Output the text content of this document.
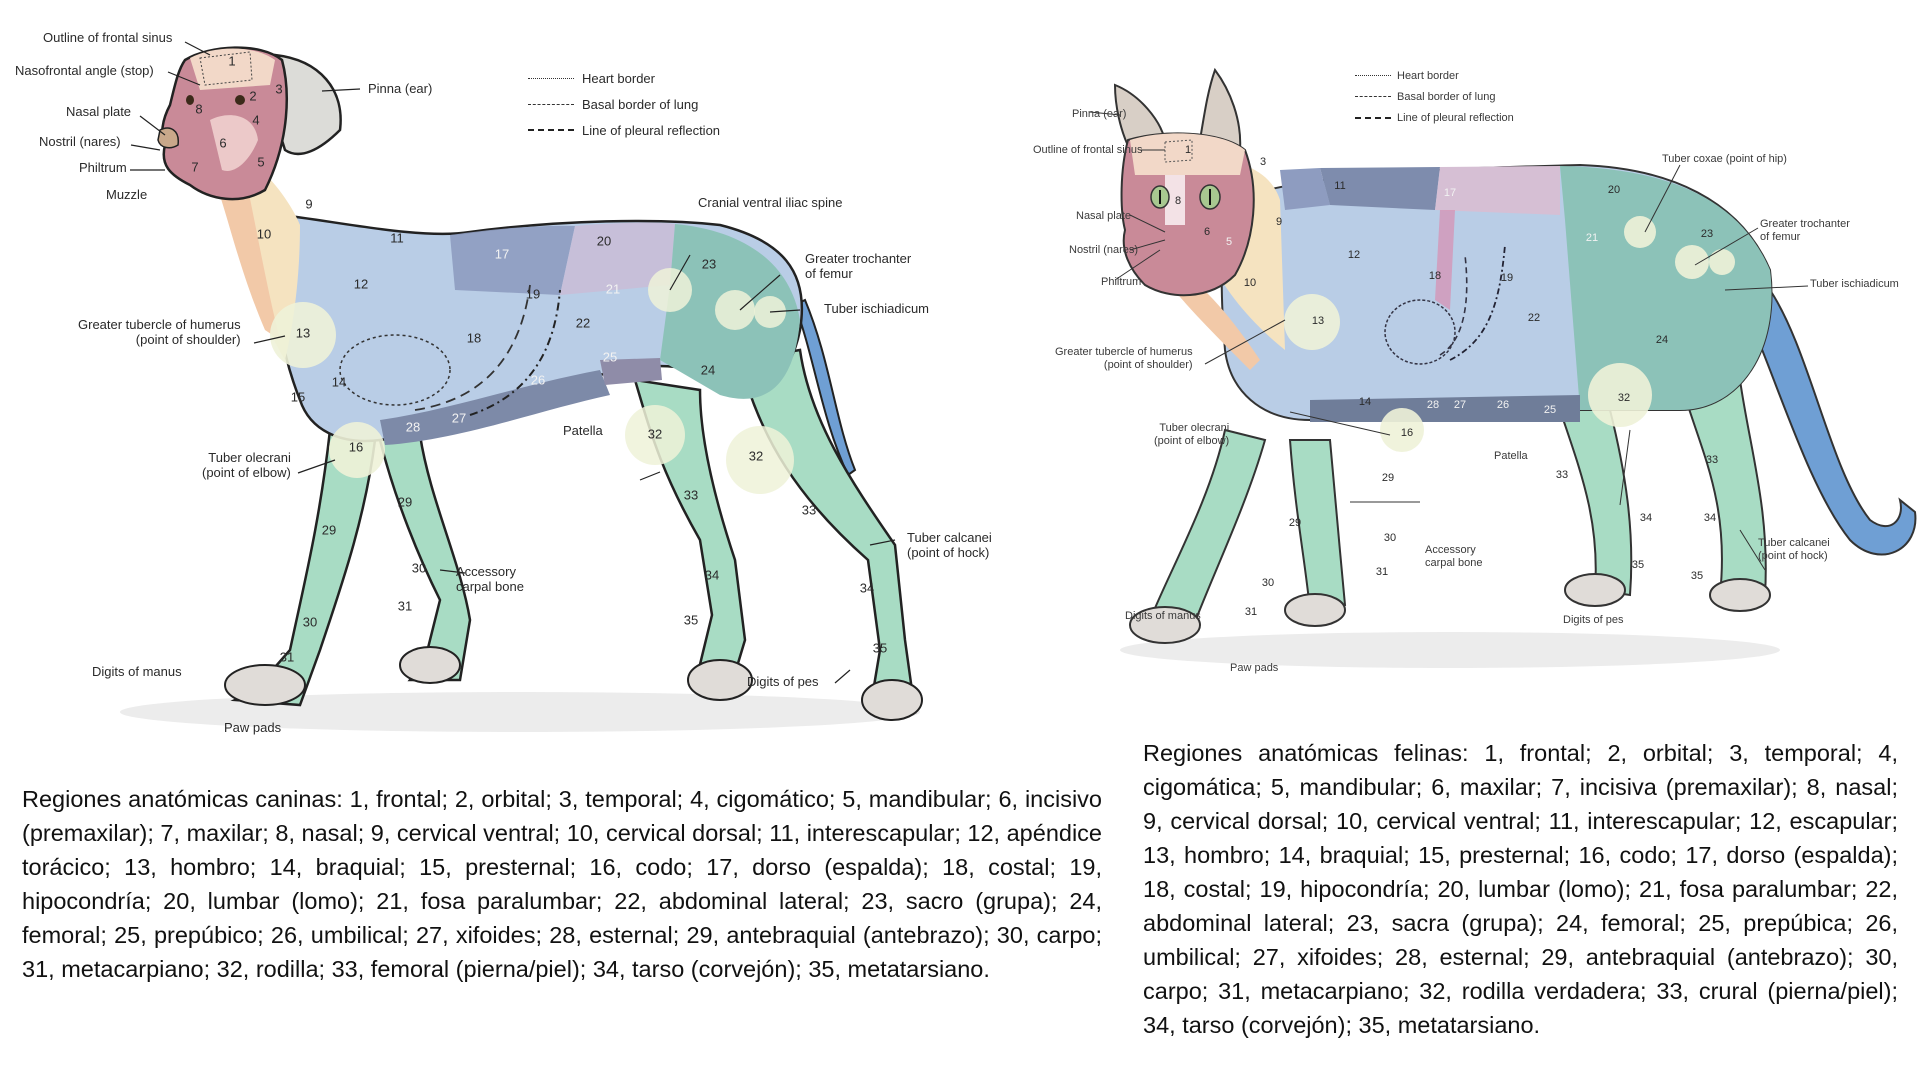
Heart border
Basal border of lung
Line of pleural reflection
Outline of frontal sinus
Nasofrontal angle (stop)
Nasal plate
Nostril (nares)
Philtrum
Muzzle
Pinna (ear)
Greater tubercle of humerus
(point of shoulder)
Tuber olecrani
(point of elbow)
Accessory
carpal bone
Digits of manus
Paw pads
Cranial ventral iliac spine
Greater trochanter
of femur
Tuber ischiadicum
Patella
Tuber calcanei
(point of hock)
Digits of pes
1
2 3
4
5
6
7
8
9
10	11
12
13
14
15
16
17
18
19
20
21
22
23
24
25
26
27
28
29
29
30
30
31
31
32
32
33
33
34
34
35
35
Heart border
Basal border of lung
Line of pleural reflection
Pinna (ear)
Outline of frontal sinus
Nasal plate
Nostril (nares)
Philtrum
Greater tubercle of humerus
(point of shoulder)
Tuber olecrani
(point of elbow)
Accessory
carpal bone
Digits of manus
Paw pads
Tuber coxae (point of hip)
Greater trochanter
of femur
Tuber ischiadicum
Patella
Tuber calcanei
(point of hock)
Digits of pes
1
3
8
6
5
9
10
11
17	20
12
18	19
21
22
23
24
13
14
16
28 27	26	25
32
29
29
30
30
31
31
33
33
34	34
35
35

Regiones anatómicas caninas: 1, frontal; 2, orbital; 3, temporal; 4, cigomático; 5, mandibular; 6, incisivo (premaxilar); 7, maxilar; 8, nasal; 9, cervical ventral; 10, cervical dorsal; 11, interescapular; 12, apéndice torácico; 13, hombro; 14, braquial; 15, presternal; 16, codo; 17, dorso (espalda); 18, costal; 19, hipocondría; 20, lumbar (lomo); 21, fosa paralumbar; 22, abdominal lateral; 23, sacro (grupa); 24, femoral; 25, prepúbico; 26, umbilical; 27, xifoides; 28, esternal; 29, antebraquial (antebrazo); 30, carpo; 31, metacarpiano; 32, rodilla; 33, femoral (pierna/piel); 34, tarso (corvejón); 35, metatarsiano.

Regiones anatómicas felinas: 1, frontal; 2, orbital; 3, temporal; 4, cigomática; 5, mandibular; 6, maxilar; 7, incisiva (premaxilar); 8, nasal; 9, cervical dorsal; 10, cervical ventral; 11, interescapular; 12, escapular; 13, hombro; 14, braquial; 15, presternal; 16, codo; 17, dorso (espalda); 18, costal; 19, hipocondría; 20, lumbar (lomo); 21, fosa paralumbar; 22, abdominal lateral; 23, sacra (grupa); 24, femoral; 25, prepúbica; 26, umbilical; 27, xifoides; 28, esternal; 29, antebraquial (antebrazo); 30, carpo; 31, metacarpiano; 32, rodilla verdadera; 33, crural (pierna/piel); 34, tarso (corvejón); 35, metatarsiano.
